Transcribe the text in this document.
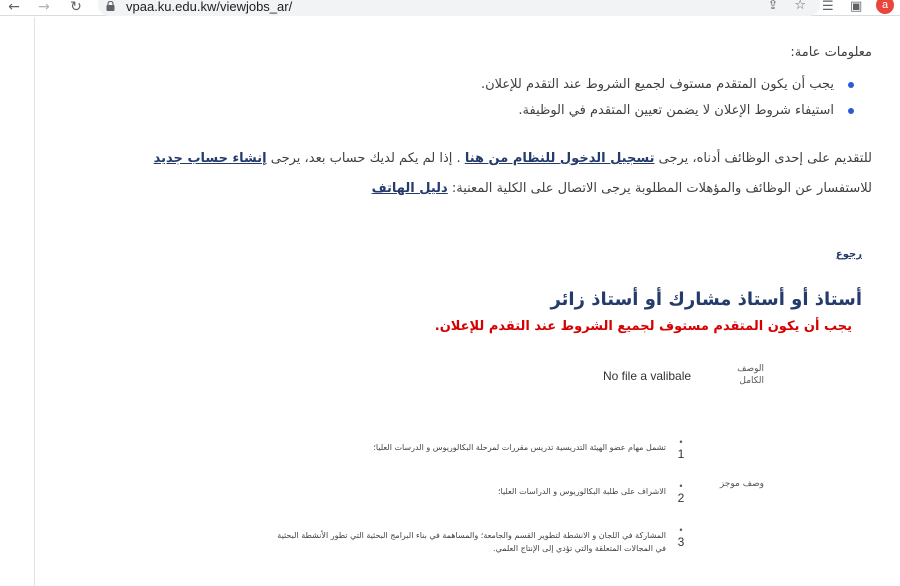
← → ↻	vpaa.ku.edu.kw/viewjobs_ar/	⇪ ☆ ☰ ▣	a
معلومات عامة:
يجب أن يكون المتقدم مستوف لجميع الشروط عند التقدم للإعلان.
استيفاء شروط الإعلان لا يضمن تعيين المتقدم في الوظيفة.
للتقديم على إحدى الوظائف أدناه، يرجى تسجيل الدخول للنظام من هنا . إذا لم يكم لديك حساب بعد، يرجى إنشاء حساب جديد
للاستفسار عن الوظائف والمؤهلات المطلوبة يرجى الاتصال على الكلية المعنية: دليل الهاتف
رجوع
أستاذ أو أستاذ مشارك أو أستاذ زائر
يجب أن يكون المتقدم مستوف لجميع الشروط عند التقدم للإعلان.
الوصف الكامل
No file a valibale
وصف موجز
•
1
تشمل مهام عضو الهيئة التدريسية تدريس مقررات لمرحلة البكالوريوس و الدرسات العليا؛
•
2
الاشراف على طلبة البكالوريوس و الدراسات العليا؛
•
3
المشاركة في اللجان و الانشطة لتطوير القسم والجامعة؛ والمساهمة في بناء البرامج البحثية التي تطور الأنشطة البحثية في المجالات المتعلقة والتي تؤدي إلى الإنتاج العلمي.
